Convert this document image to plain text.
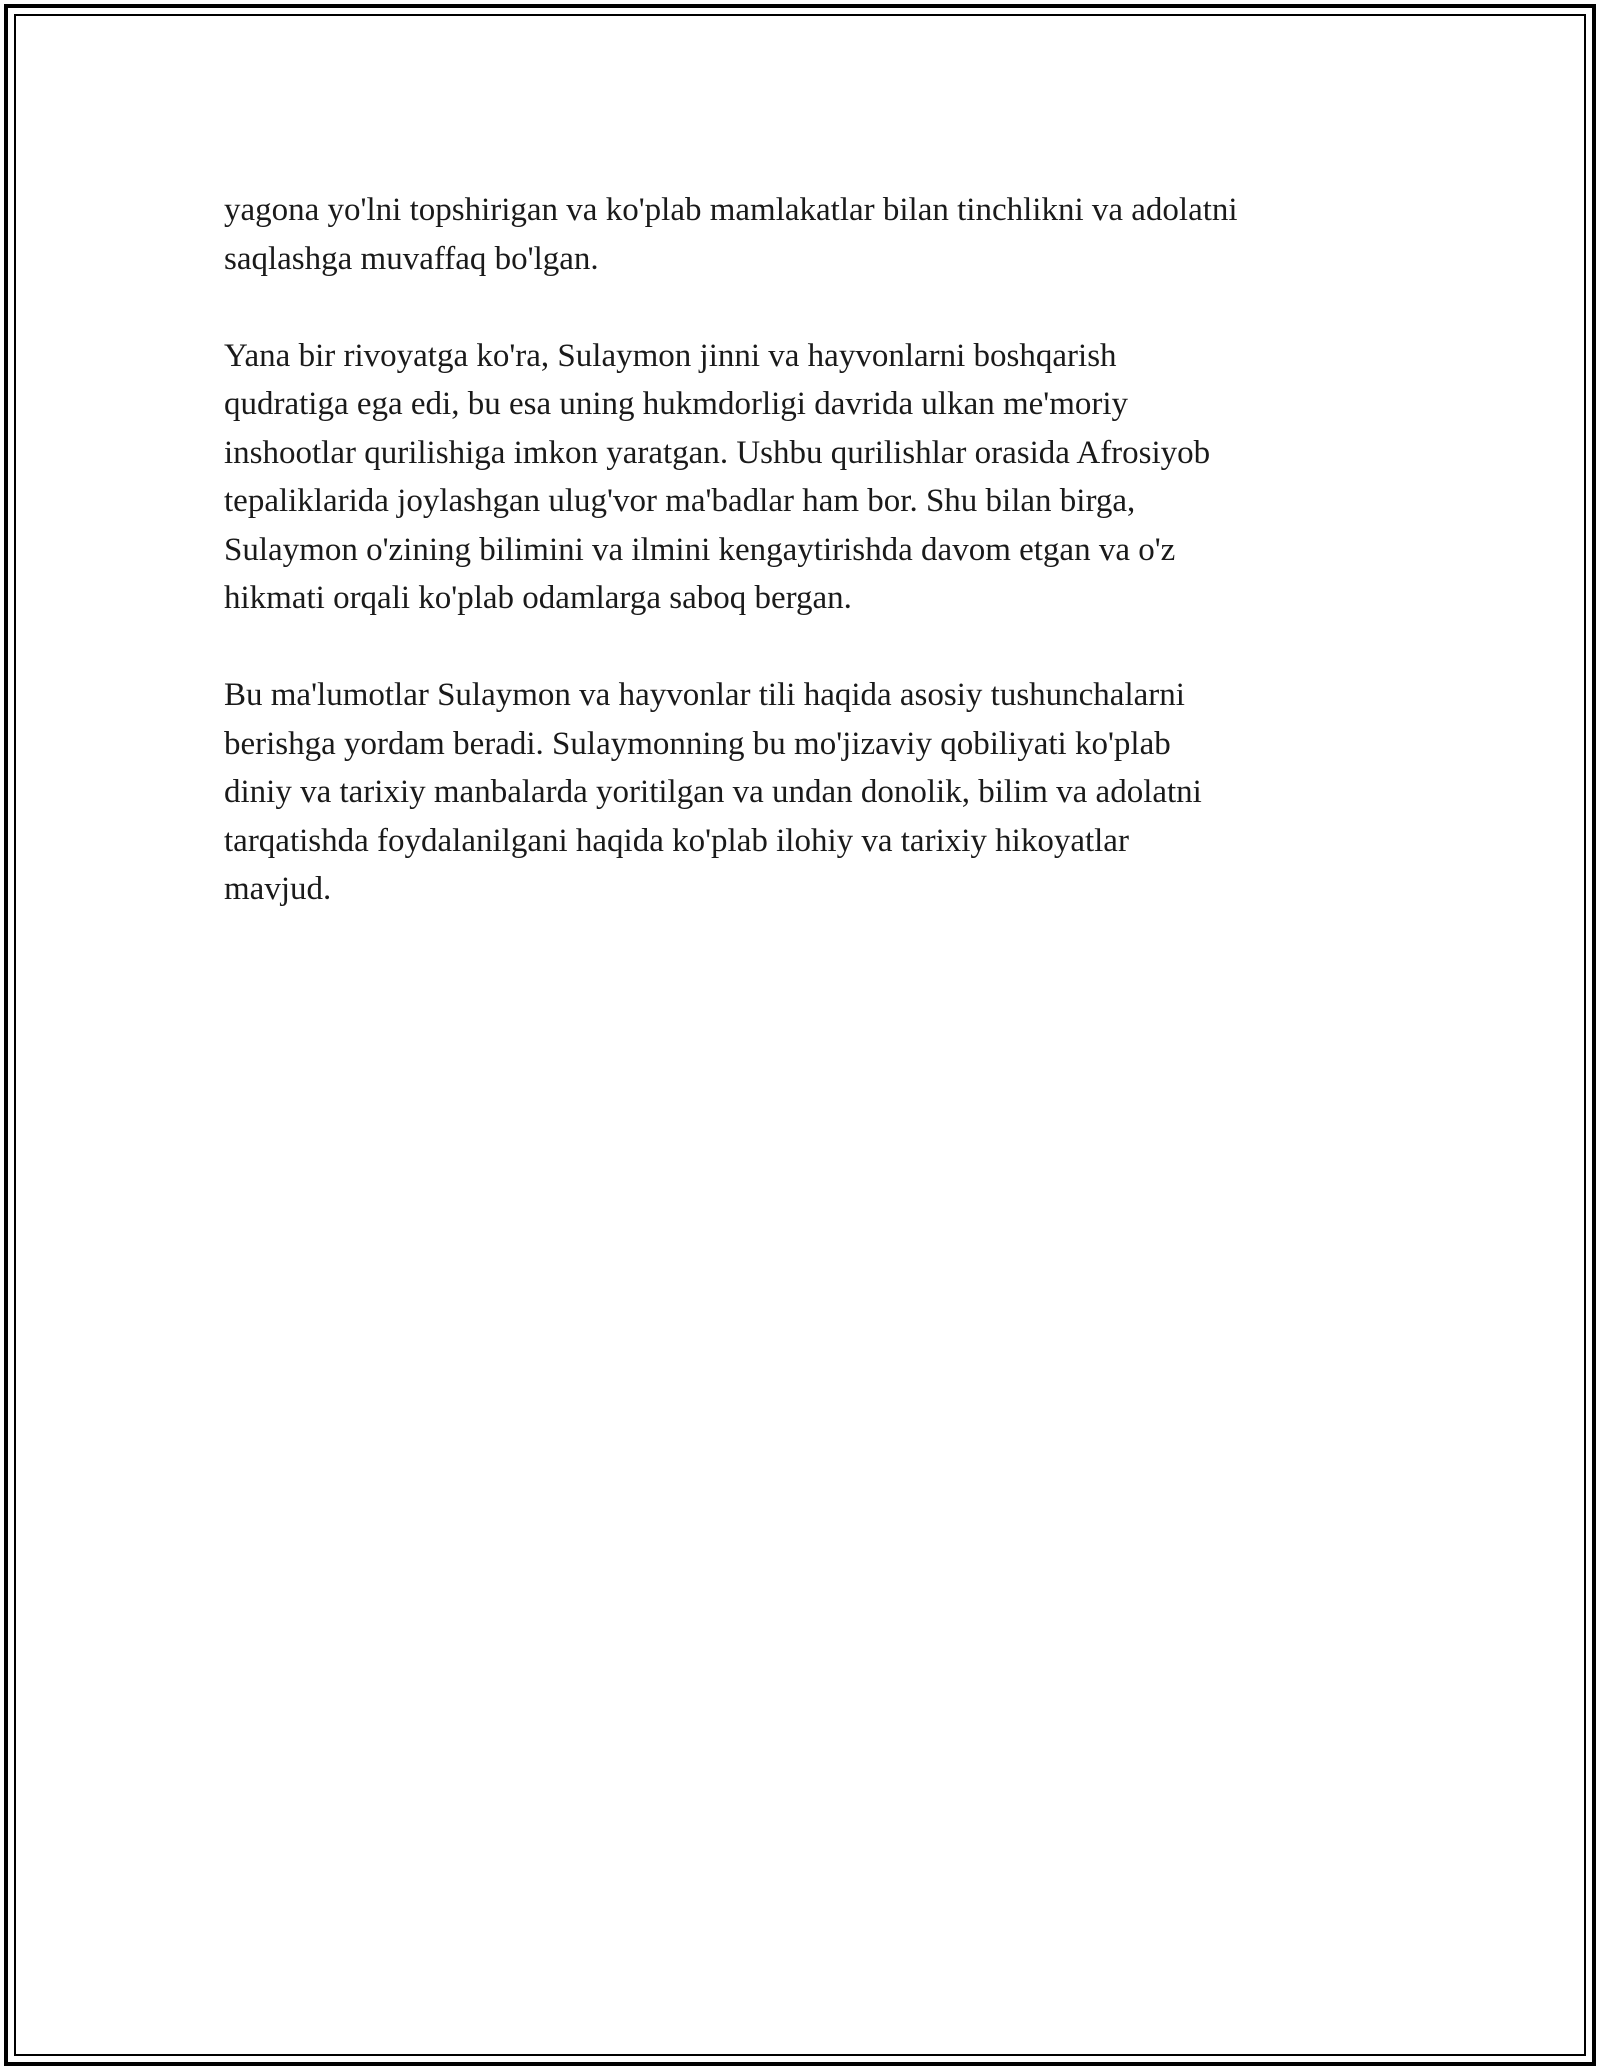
yagona yo'lni topshirigan va ko'plab mamlakatlar bilan tinchlikni va adolatni
saqlashga muvaffaq bo'lgan.

Yana bir rivoyatga ko'ra, Sulaymon jinni va hayvonlarni boshqarish
qudratiga ega edi, bu esa uning hukmdorligi davrida ulkan me'moriy
inshootlar qurilishiga imkon yaratgan. Ushbu qurilishlar orasida Afrosiyob
tepaliklarida joylashgan ulug'vor ma'badlar ham bor. Shu bilan birga,
Sulaymon o'zining bilimini va ilmini kengaytirishda davom etgan va o'z
hikmati orqali ko'plab odamlarga saboq bergan.

Bu ma'lumotlar Sulaymon va hayvonlar tili haqida asosiy tushunchalarni
berishga yordam beradi. Sulaymonning bu mo'jizaviy qobiliyati ko'plab
diniy va tarixiy manbalarda yoritilgan va undan donolik, bilim va adolatni
tarqatishda foydalanilgani haqida ko'plab ilohiy va tarixiy hikoyatlar
mavjud.
